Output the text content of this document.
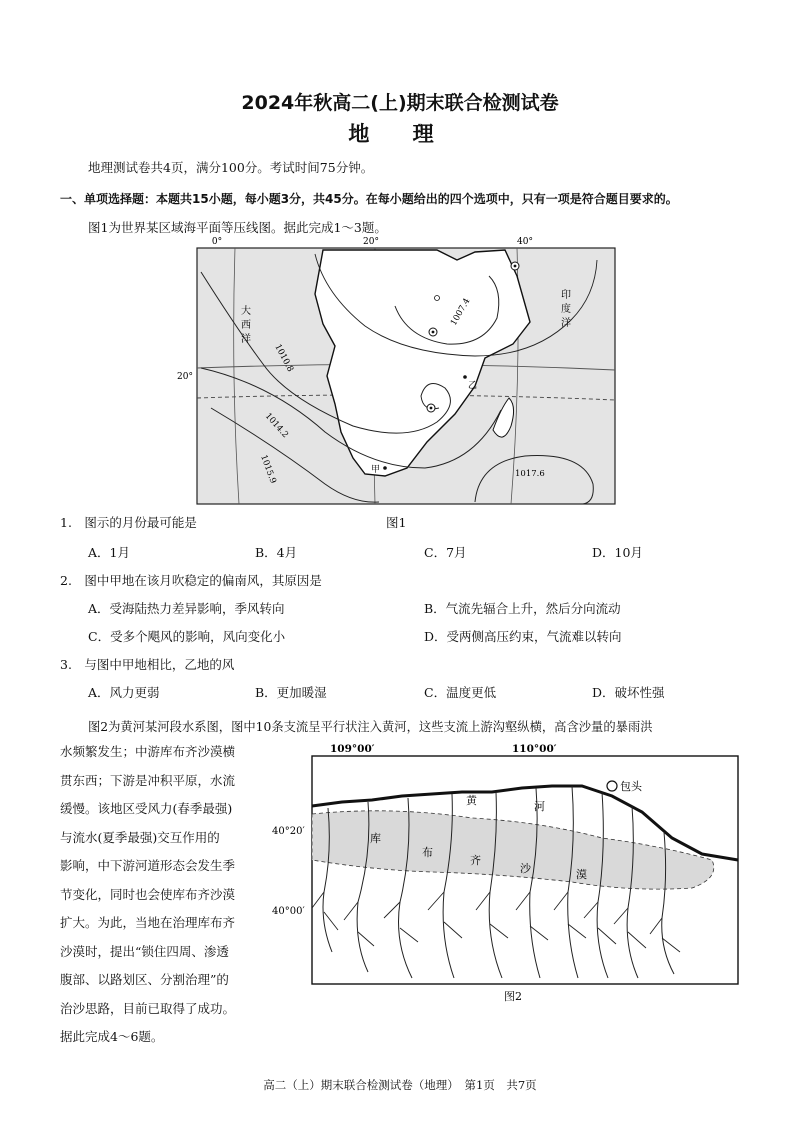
2024年秋高二(上)期末联合检测试卷
地 理
地理测试卷共4页，满分100分。考试时间75分钟。
一、单项选择题：本题共15小题，每小题3分，共45分。在每小题给出的四个选项中，只有一项是符合题目要求的。
图1为世界某区域海平面等压线图。据此完成1～3题。
0°	20°	40°
20°
大
西
洋
印
度
洋
1010.8
1007.4
1014.2
1015.9	1017.6
甲
乙
1.　图示的月份最可能是	图1
A．1月	B．4月	C．7月	D．10月
2.　图中甲地在该月吹稳定的偏南风，其原因是
A．受海陆热力差异影响，季风转向	B．气流先辐合上升，然后分向流动
C．受多个飓风的影响，风向变化小	D．受两侧高压约束，气流难以转向
3.　与图中甲地相比，乙地的风
A．风力更弱	B．更加暖湿	C．温度更低	D．破坏性强
图2为黄河某河段水系图，图中10条支流呈平行状注入黄河，这些支流上游沟壑纵横，高含沙量的暴雨洪

水频繁发生；中游库布齐沙漠横

贯东西；下游是冲积平原，水流

缓慢。该地区受风力(春季最强)

与流水(夏季最强)交互作用的

影响，中下游河道形态会发生季

节变化，同时也会使库布齐沙漠

扩大。为此，当地在治理库布齐

沙漠时，提出“锁住四周、渗透

腹部、以路划区、分割治理”的

治沙思路，目前已取得了成功。

据此完成4～6题。

包头
109°00′	110°00′
40°20′
40°00′
黄	河
库
布
齐
沙	漠
图2
高二（上）期末联合检测试卷（地理）　第1页　共7页
